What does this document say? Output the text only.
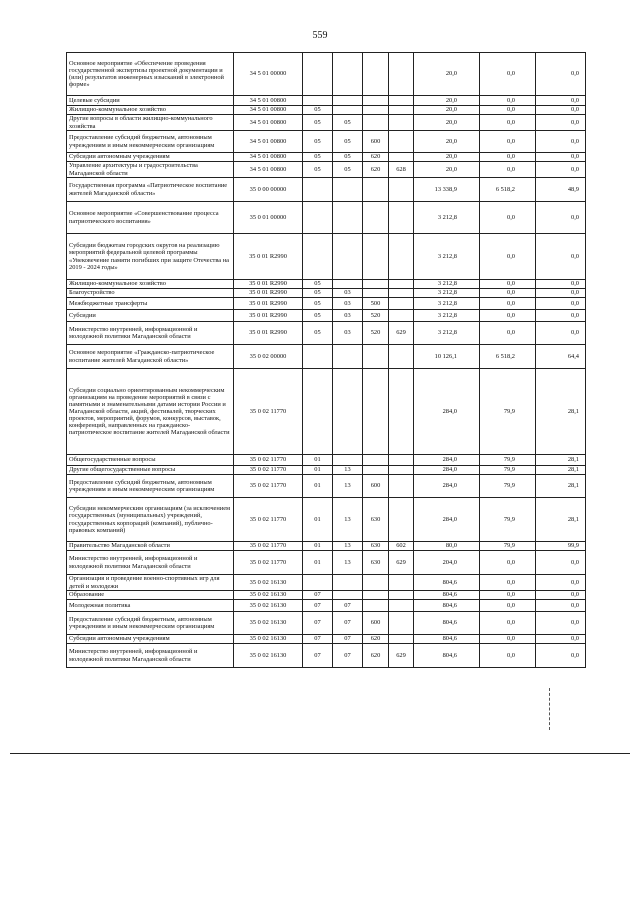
559
Основное мероприятие «Обеспечение проведения государственной экспертизы проектной документации и (или) результатов инженерных изысканий в электронной форме»	34 5 01 00000					20,0	0,0	0,0
Целевые субсидии	34 5 01 00800					20,0	0,0	0,0
Жилищно-коммунальное хозяйство	34 5 01 00800	05				20,0	0,0	0,0
Другие вопросы в области жилищно-коммунального хозяйства	34 5 01 00800	05	05			20,0	0,0	0,0
Предоставление субсидий бюджетным, автономным учреждениям и иным некоммерческим организациям	34 5 01 00800	05	05	600		20,0	0,0	0,0
Субсидии автономным учреждениям	34 5 01 00800	05	05	620		20,0	0,0	0,0
Управление архитектуры и градостроительства Магаданской области	34 5 01 00800	05	05	620	628	20,0	0,0	0,0
Государственная программа «Патриотическое воспитание жителей Магаданской области»	35 0 00 00000					13 338,9	6 518,2	48,9
Основное мероприятие «Совершенствование процесса патриотического воспитания»	35 0 01 00000					3 212,8	0,0	0,0
Субсидии бюджетам городских округов на реализацию мероприятий федеральной целевой программы «Увековечение памяти погибших при защите Отечества на 2019 - 2024 годы»	35 0 01 R2990					3 212,8	0,0	0,0
Жилищно-коммунальное хозяйство	35 0 01 R2990	05				3 212,8	0,0	0,0
Благоустройство	35 0 01 R2990	05	03			3 212,8	0,0	0,0
Межбюджетные трансферты	35 0 01 R2990	05	03	500		3 212,8	0,0	0,0
Субсидии	35 0 01 R2990	05	03	520		3 212,8	0,0	0,0
Министерство внутренней, информационной и молодежной политики Магаданской области	35 0 01 R2990	05	03	520	629	3 212,8	0,0	0,0
Основное мероприятие «Гражданско-патриотическое воспитание жителей Магаданской области»	35 0 02 00000					10 126,1	6 518,2	64,4
Субсидии социально ориентированным некоммерческим организациям на проведение мероприятий в связи с памятными и знаменательными датами истории России и Магаданской области, акций, фестивалей, творческих проектов, мероприятий, форумов, конкурсов, выставок, конференций, направленных на гражданско-патриотическое воспитание жителей Магаданской области	35 0 02 11770					284,0	79,9	28,1
Общегосударственные вопросы	35 0 02 11770	01				284,0	79,9	28,1
Другие общегосударственные вопросы	35 0 02 11770	01	13			284,0	79,9	28,1
Предоставление субсидий бюджетным, автономным учреждениям и иным некоммерческим организациям	35 0 02 11770	01	13	600		284,0	79,9	28,1
Субсидии некоммерческим организациям (за исключением государственных (муниципальных) учреждений, государственных корпораций (компаний), публично-правовых компаний)	35 0 02 11770	01	13	630		284,0	79,9	28,1
Правительство Магаданской области	35 0 02 11770	01	13	630	602	80,0	79,9	99,9
Министерство внутренней, информационной и молодежной политики Магаданской области	35 0 02 11770	01	13	630	629	204,0	0,0	0,0
Организация и проведение военно-спортивных игр для детей и молодежи	35 0 02 16130					804,6	0,0	0,0
Образование	35 0 02 16130	07				804,6	0,0	0,0
Молодежная политика	35 0 02 16130	07	07			804,6	0,0	0,0
Предоставление субсидий бюджетным, автономным учреждениям и иным некоммерческим организациям	35 0 02 16130	07	07	600		804,6	0,0	0,0
Субсидии автономным учреждениям	35 0 02 16130	07	07	620		804,6	0,0	0,0
Министерство внутренней, информационной и молодежной политики Магаданской области	35 0 02 16130	07	07	620	629	804,6	0,0	0,0
